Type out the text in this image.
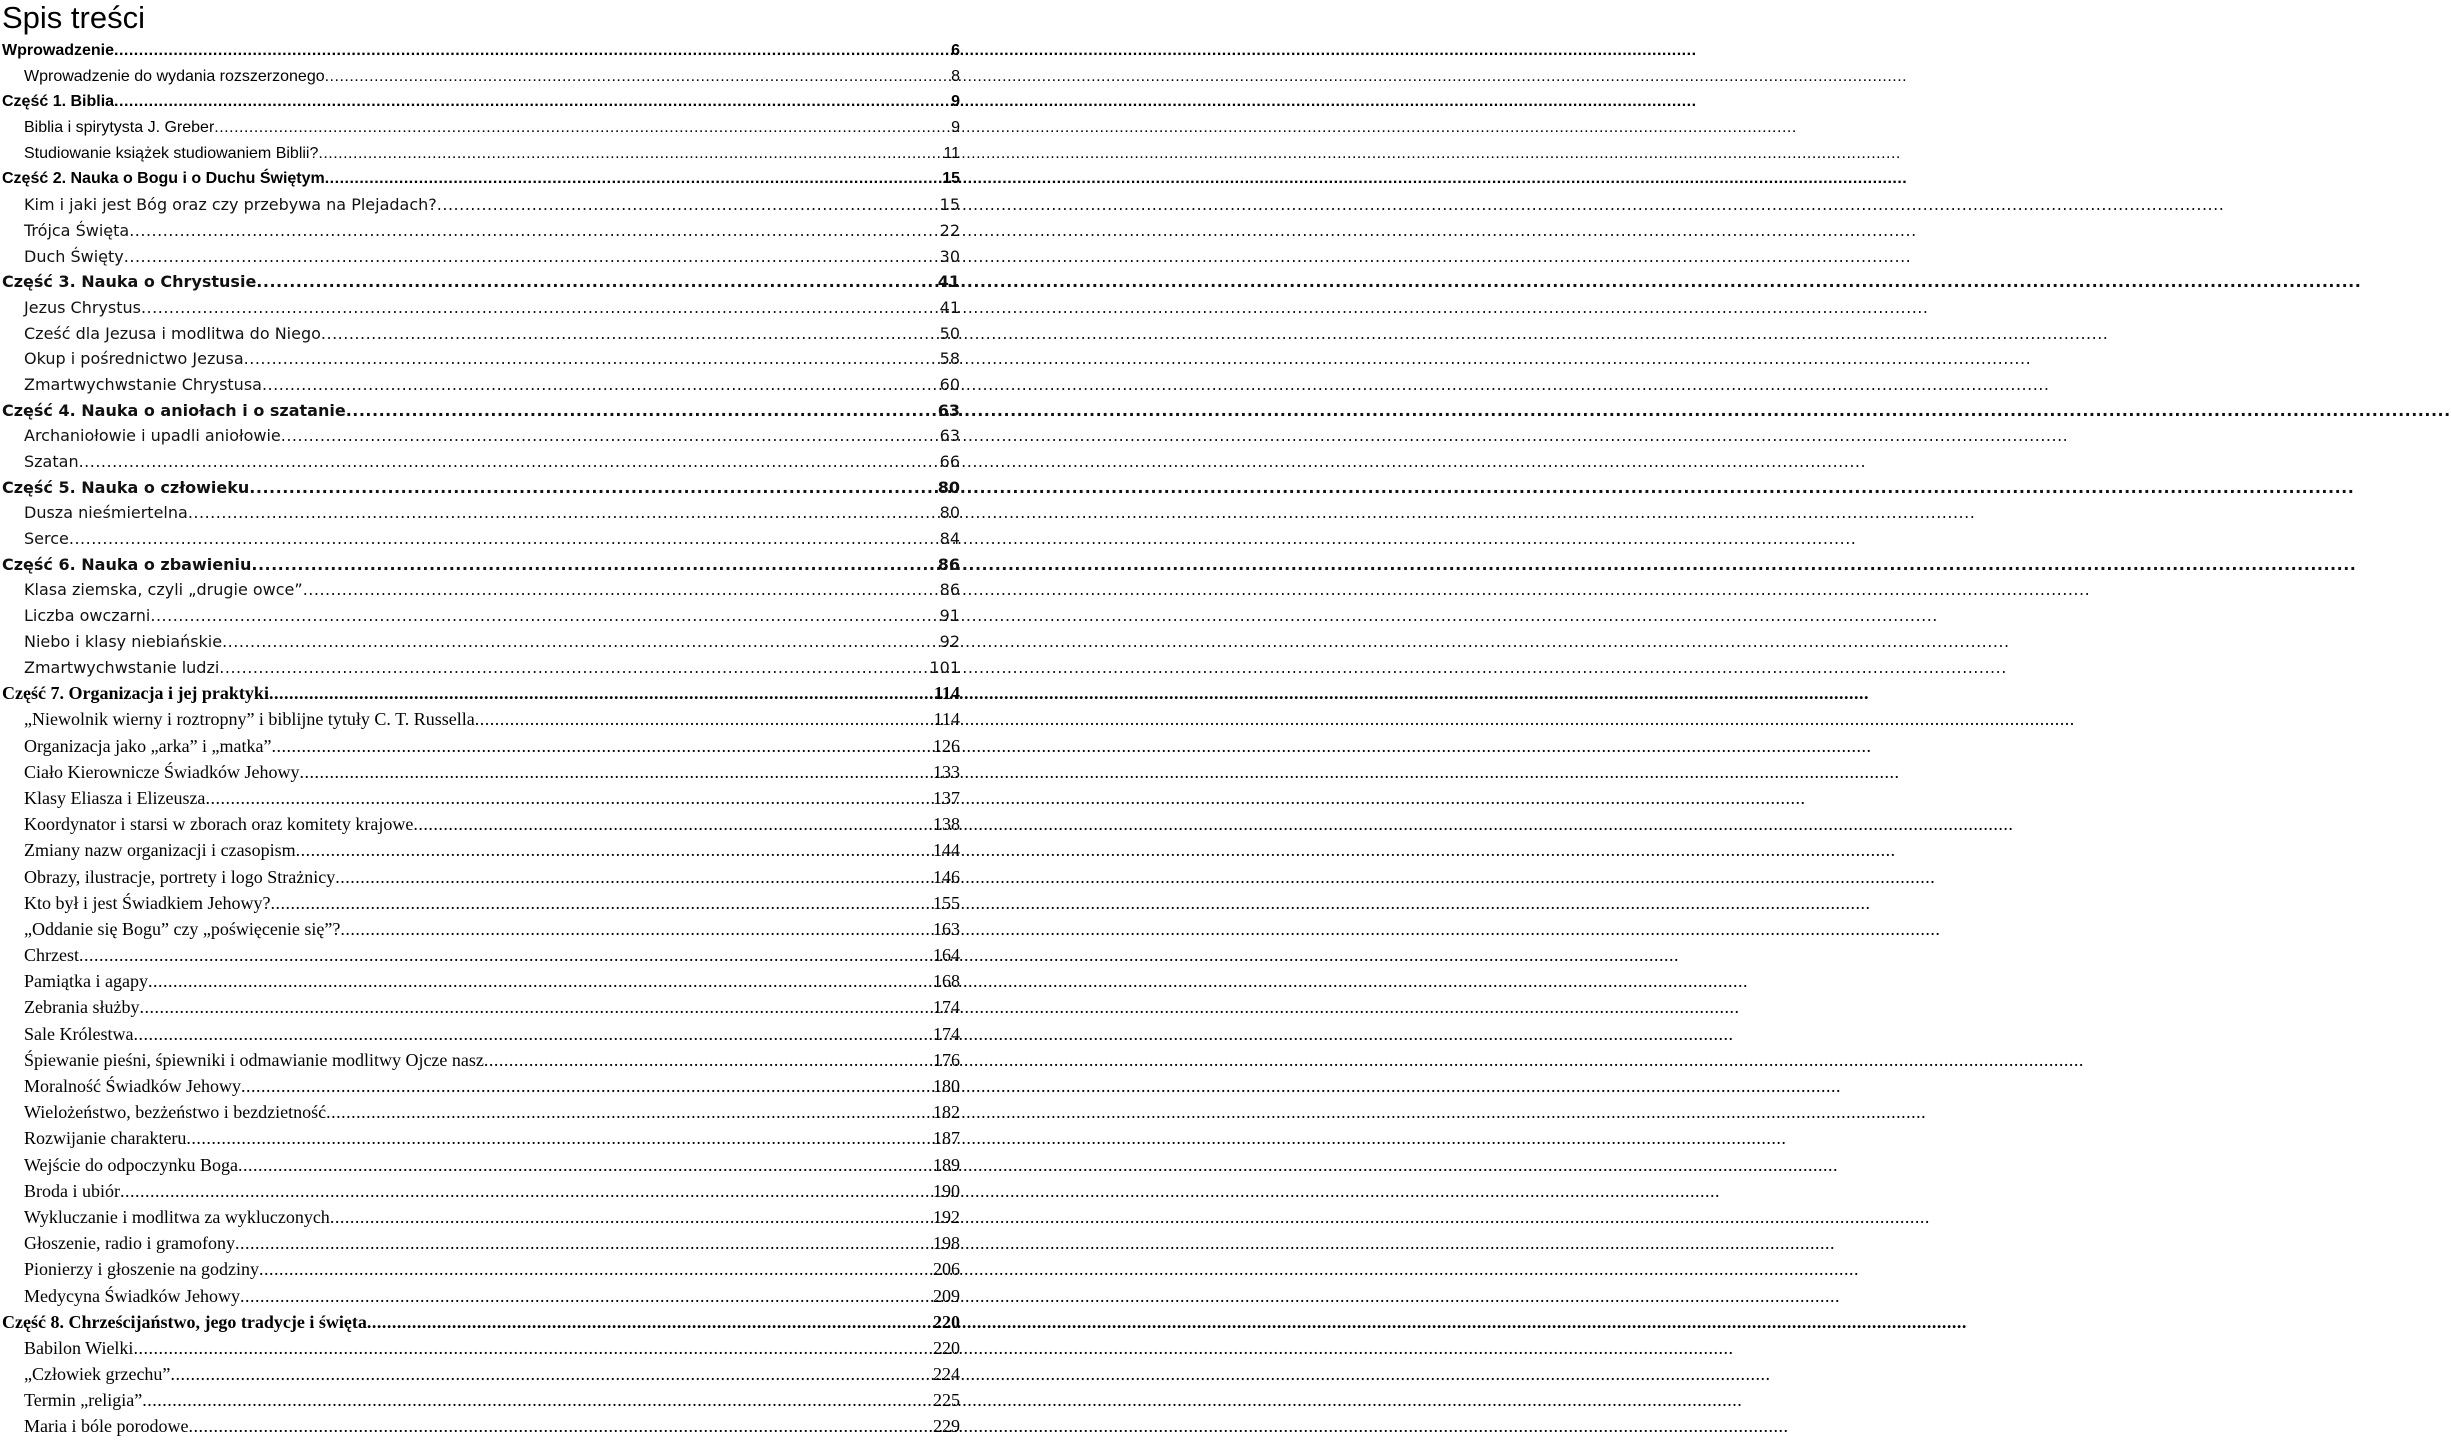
Spis treści
Wprowadzenie .....	6
Wprowadzenie do wydania rozszerzonego .....	8
Część 1. Biblia .....	9
Biblia i spirytysta J. Greber .....	9
Studiowanie książek studiowaniem Biblii? .....	11
Część 2. Nauka o Bogu i o Duchu Świętym .....	15
Kim i jaki jest Bóg oraz czy przebywa na Plejadach? .....	15
Trójca Święta .....	22
Duch Święty .....	30
Część 3. Nauka o Chrystusie .....	41
Jezus Chrystus .....	41
Cześć dla Jezusa i modlitwa do Niego .....	50
Okup i pośrednictwo Jezusa .....	58
Zmartwychwstanie Chrystusa .....	60
Część 4. Nauka o aniołach i o szatanie .....	63
Archaniołowie i upadli aniołowie .....	63
Szatan .....	66
Część 5. Nauka o człowieku .....	80
Dusza nieśmiertelna .....	80
Serce .....	84
Część 6. Nauka o zbawieniu .....	86
Klasa ziemska, czyli „drugie owce” .....	86
Liczba owczarni .....	91
Niebo i klasy niebiańskie .....	92
Zmartwychwstanie ludzi .....	101
Część 7. Organizacja i jej praktyki .....	114
„Niewolnik wierny i roztropny” i biblijne tytuły C. T. Russella .....	114
Organizacja jako „arka” i „matka” .....	126
Ciało Kierownicze Świadków Jehowy .....	133
Klasy Eliasza i Elizeusza .....	137
Koordynator i starsi w zborach oraz komitety krajowe .....	138
Zmiany nazw organizacji i czasopism .....	144
Obrazy, ilustracje, portrety i logo Strażnicy .....	146
Kto był i jest Świadkiem Jehowy? .....	155
„Oddanie się Bogu” czy „poświęcenie się”? .....	163
Chrzest .....	164
Pamiątka i agapy .....	168
Zebrania służby .....	174
Sale Królestwa .....	174
Śpiewanie pieśni, śpiewniki i odmawianie modlitwy Ojcze nasz .....	176
Moralność Świadków Jehowy .....	180
Wielożeństwo, bezżeństwo i bezdzietność .....	182
Rozwijanie charakteru .....	187
Wejście do odpoczynku Boga .....	189
Broda i ubiór .....	190
Wykluczanie i modlitwa za wykluczonych .....	192
Głoszenie, radio i gramofony .....	198
Pionierzy i głoszenie na godziny .....	206
Medycyna Świadków Jehowy .....	209
Część 8. Chrześcijaństwo, jego tradycje i święta .....	220
Babilon Wielki .....	220
„Człowiek grzechu” .....	224
Termin „religia” .....	225
Maria i bóle porodowe .....	229
